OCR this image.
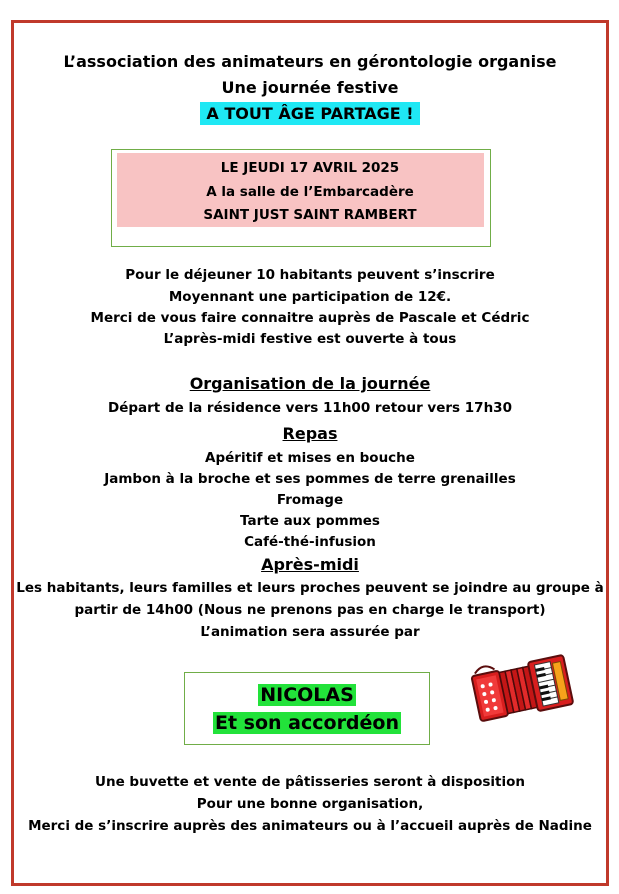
L’association des animateurs en gérontologie organise
Une journée festive
A TOUT ÂGE PARTAGE !
LE JEUDI 17 AVRIL 2025
A la salle de l’Embarcadère
SAINT JUST SAINT RAMBERT
Pour le déjeuner 10 habitants peuvent s’inscrire
Moyennant une participation de 12€.
Merci de vous faire connaitre auprès de Pascale et Cédric
L’après-midi festive est ouverte à tous
Organisation de la journée
Départ de la résidence vers 11h00 retour vers 17h30
Repas
Apéritif et mises en bouche
Jambon à la broche et ses pommes de terre grenailles
Fromage
Tarte aux pommes
Café-thé-infusion
Après-midi
Les habitants, leurs familles et leurs proches peuvent se joindre au groupe à
partir de 14h00 (Nous ne prenons pas en charge le transport)
L’animation sera assurée par
NICOLAS
Et son accordéon
Une buvette et vente de pâtisseries seront à disposition
Pour une bonne organisation,
Merci de s’inscrire auprès des animateurs ou à l’accueil auprès de Nadine
